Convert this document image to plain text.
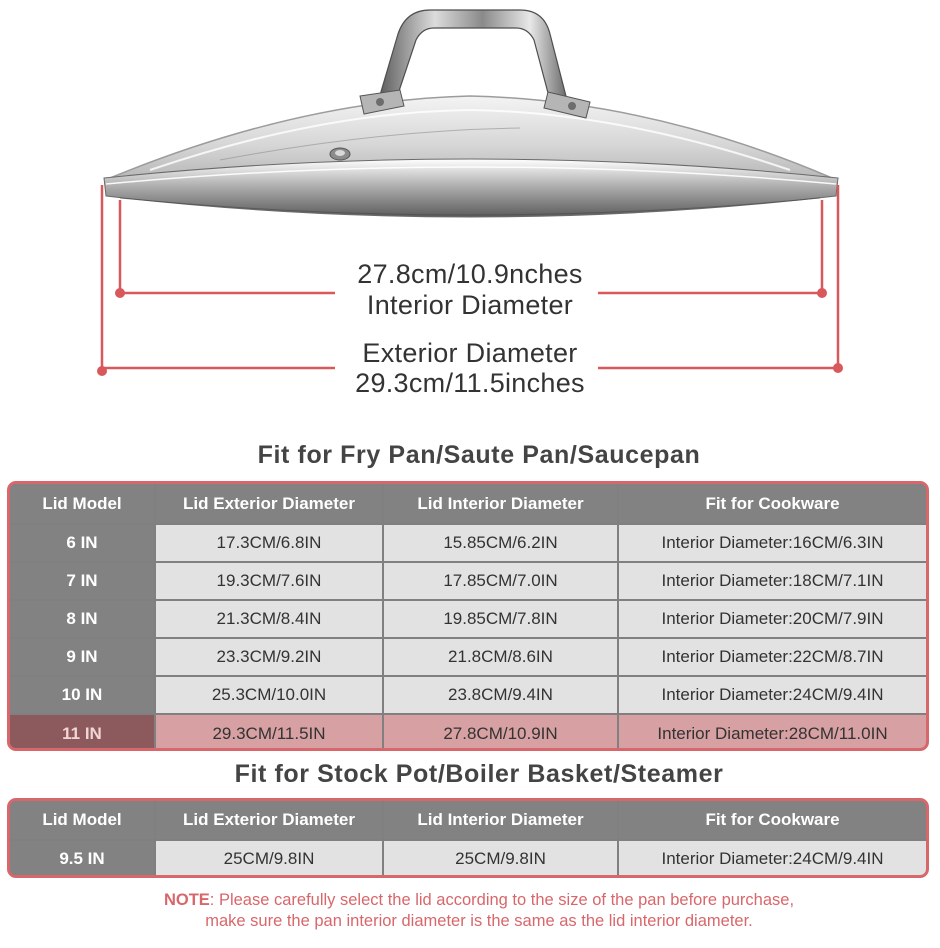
27.8cm/10.9nches
Interior Diameter
Exterior Diameter
29.3cm/11.5inches
Fit for Fry Pan/Saute Pan/Saucepan
Lid Model	Lid Exterior Diameter	Lid Interior Diameter	Fit for Cookware
6 IN	17.3CM/6.8IN	15.85CM/6.2IN	Interior Diameter:16CM/6.3IN
7 IN	19.3CM/7.6IN	17.85CM/7.0IN	Interior Diameter:18CM/7.1IN
8 IN	21.3CM/8.4IN	19.85CM/7.8IN	Interior Diameter:20CM/7.9IN
9 IN	23.3CM/9.2IN	21.8CM/8.6IN	Interior Diameter:22CM/8.7IN
10 IN	25.3CM/10.0IN	23.8CM/9.4IN	Interior Diameter:24CM/9.4IN
11 IN	29.3CM/11.5IN	27.8CM/10.9IN	Interior Diameter:28CM/11.0IN
Fit for Stock Pot/Boiler Basket/Steamer
Lid Model	Lid Exterior Diameter	Lid Interior Diameter	Fit for Cookware
9.5 IN	25CM/9.8IN	25CM/9.8IN	Interior Diameter:24CM/9.4IN
NOTE: Please carefully select the lid according to the size of the pan before purchase,
make sure the pan interior diameter is the same as the lid interior diameter.
